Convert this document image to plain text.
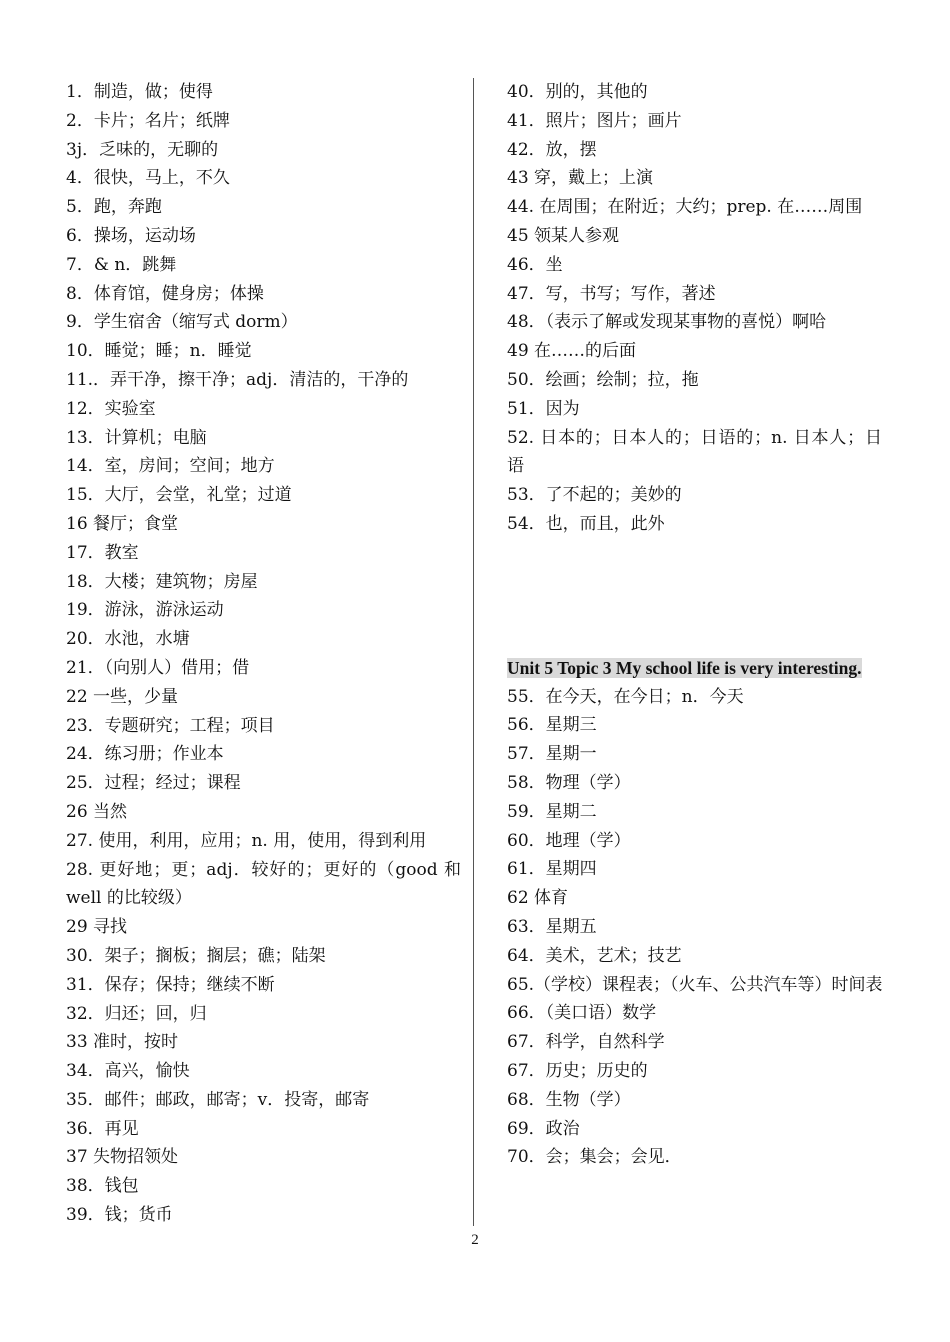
1．制造，做；使得
2．卡片；名片；纸牌
3j．乏味的，无聊的
4．很快，马上，不久
5．跑，奔跑
6．操场，运动场
7．& n．跳舞
8．体育馆，健身房；体操
9．学生宿舍（缩写式 dorm）
10．睡觉；睡；n．睡觉
11.．弄干净，擦干净；adj．清洁的，干净的
12．实验室
13．计算机；电脑
14．室，房间；空间；地方
15．大厅，会堂，礼堂；过道
16 餐厅；食堂
17．教室
18．大楼；建筑物；房屋
19．游泳，游泳运动
20．水池，水塘
21．（向别人）借用；借
22 一些，少量
23．专题研究；工程；项目
24．练习册；作业本
25．过程；经过；课程
26 当然
27. 使用，利用，应用；n. 用，使用，得到利用
28. 更好地；更；adj．较好的；更好的（good 和 well 的比较级）
29 寻找
30．架子；搁板；搁层；礁；陆架
31．保存；保持；继续不断
32．归还；回，归
33 准时，按时
34．高兴，愉快
35．邮件；邮政，邮寄；v．投寄，邮寄
36．再见
37 失物招领处
38．钱包
39．钱；货币
40．别的，其他的
41．照片；图片；画片
42．放，摆
43 穿，戴上；上演
44. 在周围；在附近；大约；prep. 在……周围
45 领某人参观
46．坐
47．写，书写；写作，著述
48．（表示了解或发现某事物的喜悦）啊哈
49 在……的后面
50．绘画；绘制；拉，拖
51．因为
52. 日本的；日本人的；日语的；n. 日本人；日语
53．了不起的；美妙的
54．也，而且，此外
Unit 5 Topic 3 My school life is very interesting.
55．在今天，在今日；n．今天
56．星期三
57．星期一
58．物理（学）
59．星期二
60．地理（学）
61．星期四
62 体育
63．星期五
64．美术，艺术；技艺
65.（学校）课程表；（火车、公共汽车等）时间表
66．（美口语）数学
67．科学，自然科学
67．历史；历史的
68．生物（学）
69．政治
70．会；集会；会见．
2
